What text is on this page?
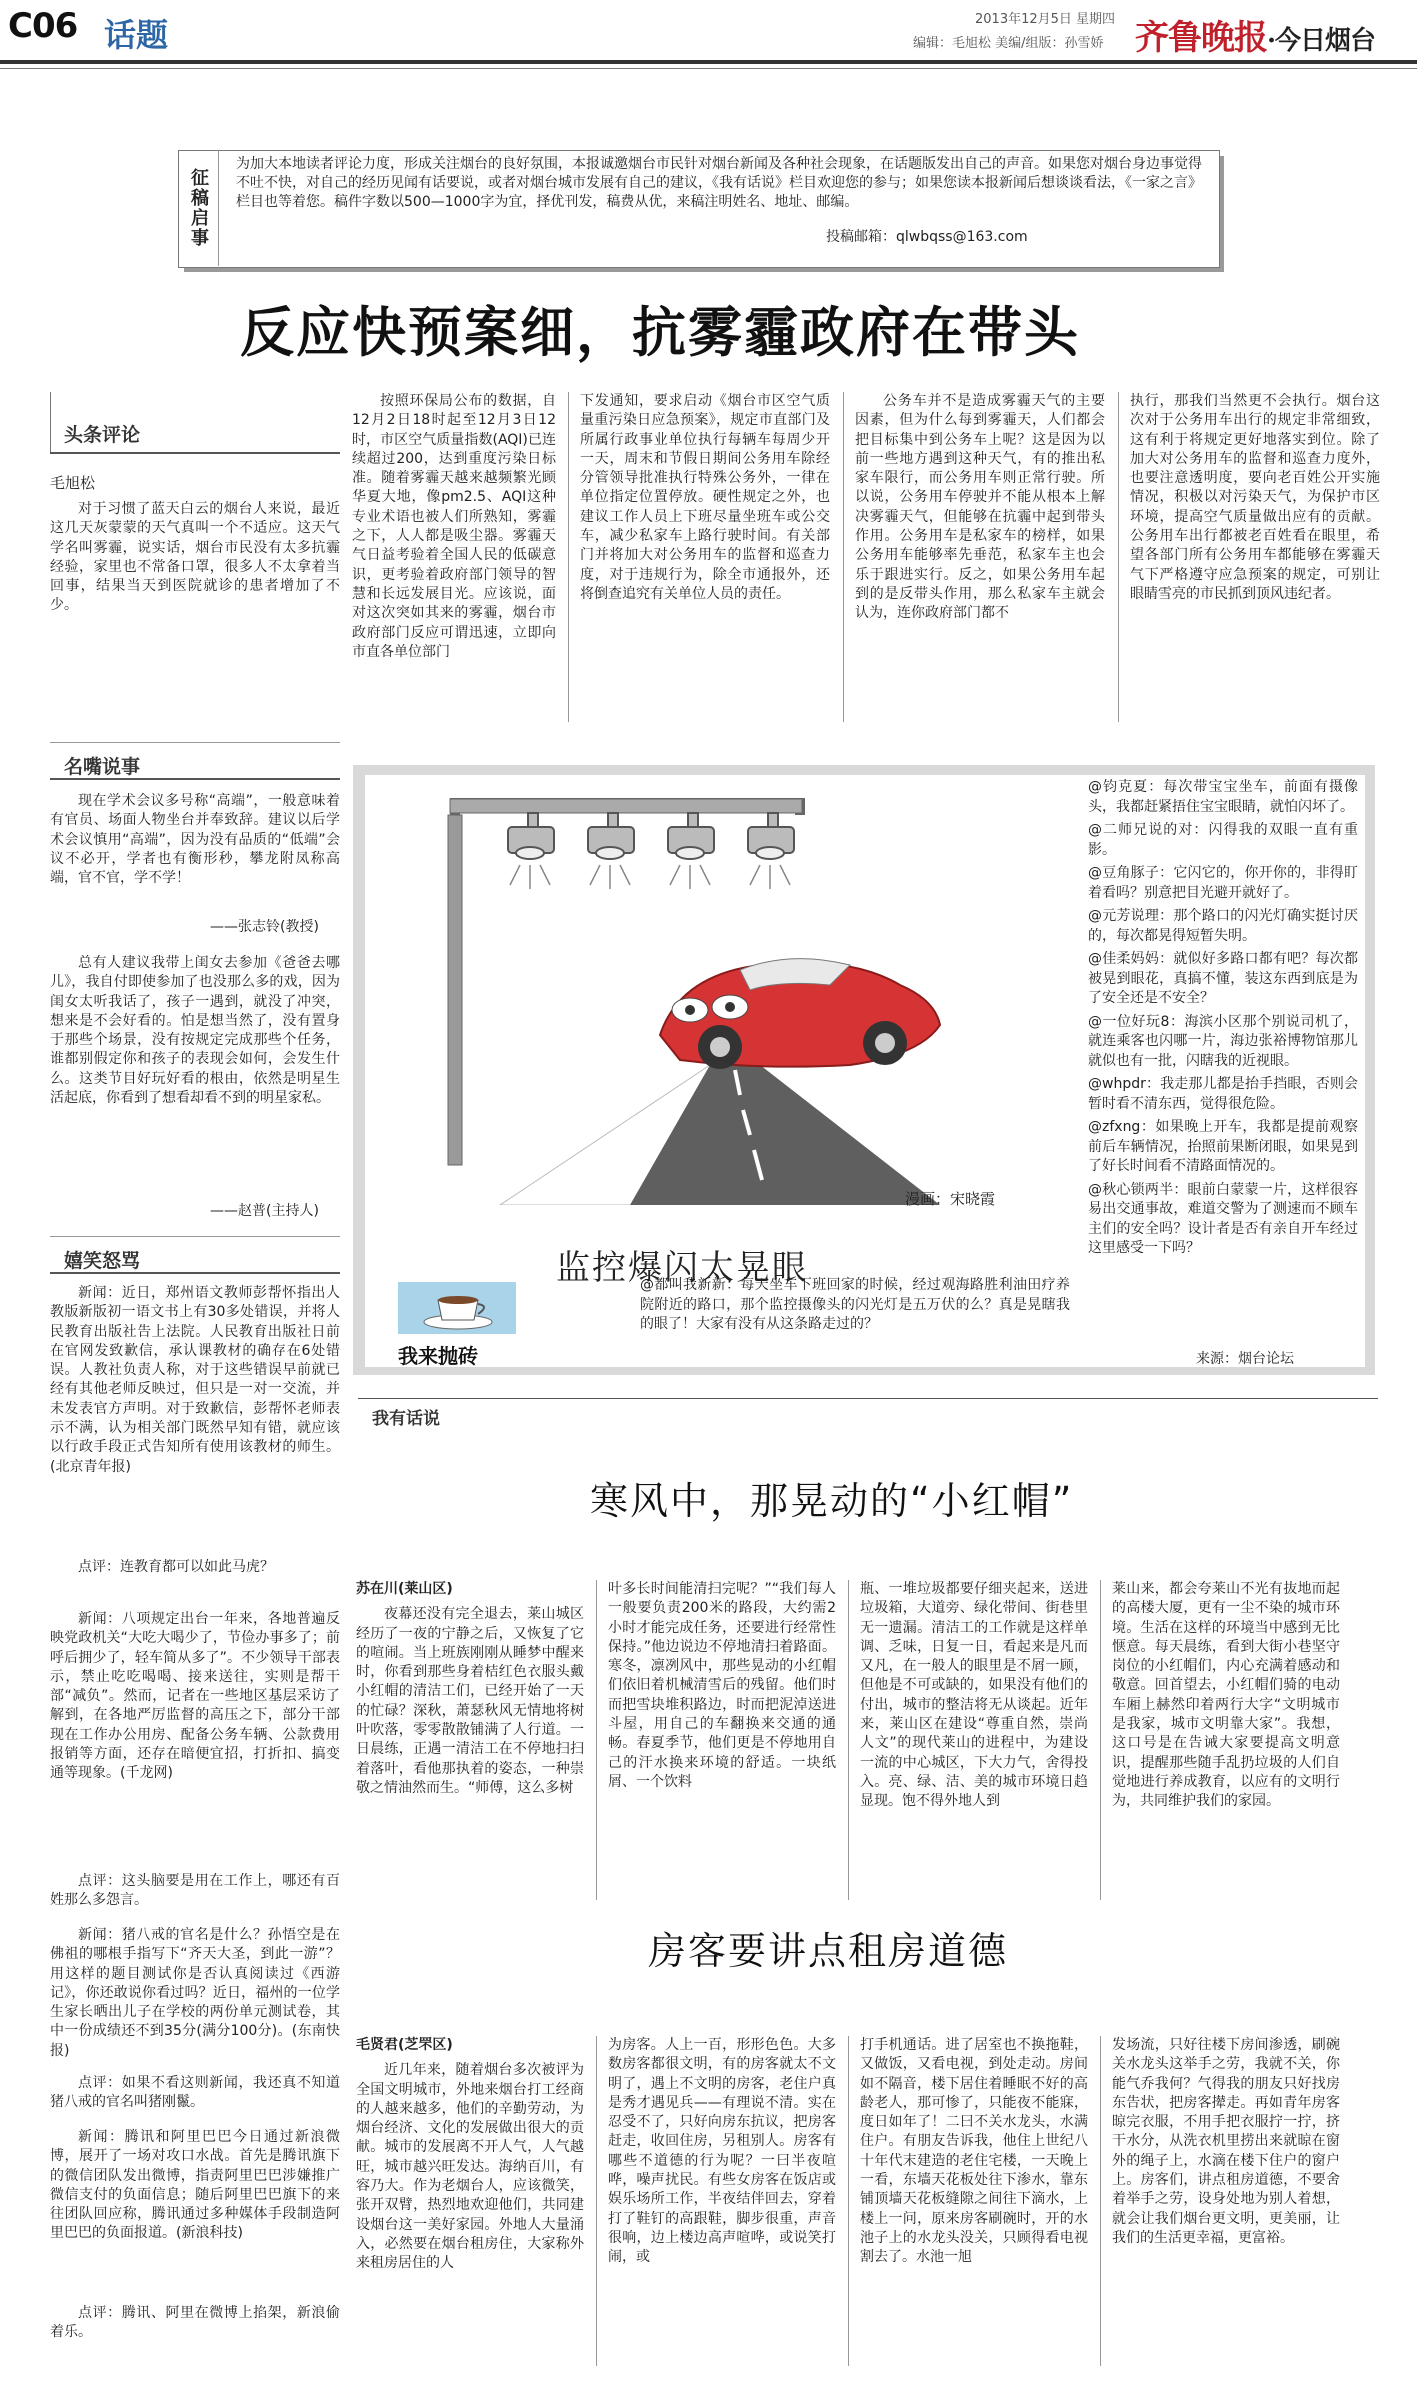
C06 话题	2013年12月5日 星期四
编辑：毛旭松 美编/组版：孙雪娇 齐鲁晚报·今日烟台
征稿启事
为加大本地读者评论力度，形成关注烟台的良好氛围，本报诚邀烟台市民针对烟台新闻及各种社会现象，在话题版发出自己的声音。如果您对烟台身边事觉得不吐不快，对自己的经历见闻有话要说，或者对烟台城市发展有自己的建议，《我有话说》栏目欢迎您的参与；如果您读本报新闻后想谈谈看法，《一家之言》栏目也等着您。稿件字数以500—1000字为宜，择优刊发，稿费从优，来稿注明姓名、地址、邮编。
投稿邮箱：qlwbqss@163.com
反应快预案细，抗雾霾政府在带头
头条评论
毛旭松
对于习惯了蓝天白云的烟台人来说，最近这几天灰蒙蒙的天气真叫一个不适应。这天气学名叫雾霾，说实话，烟台市民没有太多抗霾经验，家里也不常备口罩，很多人不太拿着当回事，结果当天到医院就诊的患者增加了不少。
按照环保局公布的数据，自12月2日18时起至12月3日12时，市区空气质量指数(AQI)已连续超过200，达到重度污染日标准。随着雾霾天越来越频繁光顾华夏大地，像pm2.5、AQI这种专业术语也被人们所熟知，雾霾之下，人人都是吸尘器。雾霾天气日益考验着全国人民的低碳意识，更考验着政府部门领导的智慧和长远发展目光。应该说，面对这次突如其来的雾霾，烟台市政府部门反应可谓迅速，立即向市直各单位部门
下发通知，要求启动《烟台市区空气质量重污染日应急预案》，规定市直部门及所属行政事业单位执行每辆车每周少开一天，周末和节假日期间公务用车除经分管领导批准执行特殊公务外，一律在单位指定位置停放。硬性规定之外，也建议工作人员上下班尽量坐班车或公交车，减少私家车上路行驶时间。有关部门并将加大对公务用车的监督和巡查力度，对于违规行为，除全市通报外，还将倒查追究有关单位人员的责任。
公务车并不是造成雾霾天气的主要因素，但为什么每到雾霾天，人们都会把目标集中到公务车上呢？这是因为以前一些地方遇到这种天气，有的推出私家车限行，而公务用车则正常行驶。所以说，公务用车停驶并不能从根本上解决雾霾天气，但能够在抗霾中起到带头作用。公务用车是私家车的榜样，如果公务用车能够率先垂范，私家车主也会乐于跟进实行。反之，如果公务用车起到的是反带头作用，那么私家车主就会认为，连你政府部门都不
执行，那我们当然更不会执行。烟台这次对于公务用车出行的规定非常细致，这有利于将规定更好地落实到位。除了加大对公务用车的监督和巡查力度外，也要注意透明度，要向老百姓公开实施情况，积极以对污染天气，为保护市区环境，提高空气质量做出应有的贡献。公务用车出行都被老百姓看在眼里，希望各部门所有公务用车都能够在雾霾天气下严格遵守应急预案的规定，可别让眼睛雪亮的市民抓到顶风违纪者。
名嘴说事
现在学术会议多号称“高端”，一般意味着有官员、场面人物坐台并奉致辞。建议以后学术会议慎用“高端”，因为没有品质的“低端”会议不必开，学者也有衡形秒，攀龙附凤称高端，官不官，学不学！
——张志铃(教授)
总有人建议我带上闺女去参加《爸爸去哪儿》，我自付即使参加了也没那么多的戏，因为闺女太听我话了，孩子一遇到，就没了冲突，想来是不会好看的。怕是想当然了，没有置身于那些个场景，没有按规定完成那些个任务，谁都别假定你和孩子的表现会如何，会发生什么。这类节目好玩好看的根由，依然是明星生活起底，你看到了想看却看不到的明星家私。
——赵普(主持人)
嬉笑怒骂
新闻：近日，郑州语文教师彭帮怀指出人教版新版初一语文书上有30多处错误，并将人民教育出版社告上法院。人民教育出版社日前在官网发致歉信，承认课教材的确存在6处错误。人教社负责人称，对于这些错误早前就已经有其他老师反映过，但只是一对一交流，并未发表官方声明。对于致歉信，彭帮怀老师表示不满，认为相关部门既然早知有错，就应该以行政手段正式告知所有使用该教材的师生。(北京青年报)
点评：连教育都可以如此马虎？
新闻：八项规定出台一年来，各地普遍反映党政机关“大吃大喝少了，节俭办事多了；前呼后拥少了，轻车简从多了”。不少领导干部表示，禁止吃吃喝喝、接来送往，实则是帮干部“减负”。然而，记者在一些地区基层采访了解到，在各地严厉监督的高压之下，部分干部现在工作办公用房、配备公务车辆、公款费用报销等方面，还存在暗便宜招，打折扣、搞变通等现象。(千龙网)
点评：这头脑要是用在工作上，哪还有百姓那么多怨言。
新闻：猪八戒的官名是什么？孙悟空是在佛祖的哪根手指写下“齐天大圣，到此一游”？用这样的题目测试你是否认真阅读过《西游记》，你还敢说你看过吗？近日，福州的一位学生家长晒出儿子在学校的两份单元测试卷，其中一份成绩还不到35分(满分100分)。(东南快报)
点评：如果不看这则新闻，我还真不知道猪八戒的官名叫猪刚鬣。
新闻：腾讯和阿里巴巴今日通过新浪微博，展开了一场对攻口水战。首先是腾讯旗下的微信团队发出微博，指责阿里巴巴涉嫌推广微信支付的负面信息；随后阿里巴巴旗下的来往团队回应称，腾讯通过多种媒体手段制造阿里巴巴的负面报道。(新浪科技)
点评：腾讯、阿里在微博上掐架，新浪偷着乐。
漫画：宋晓霞
监控爆闪太晃眼
我来抛砖
@都叫我新新：每天坐车下班回家的时候，经过观海路胜利油田疗养院附近的路口，那个监控摄像头的闪光灯是五万伏的么？真是晃瞎我的眼了！大家有没有从这条路走过的？
@钧克夏：每次带宝宝坐车，前面有摄像头，我都赶紧捂住宝宝眼睛，就怕闪坏了。
@二师兄说的对：闪得我的双眼一直有重影。
@豆角豚子：它闪它的，你开你的，非得盯着看吗？别意把目光避开就好了。
@元芳说理：那个路口的闪光灯确实挺讨厌的，每次都晃得短暂失明。
@佳柔妈妈：就似好多路口都有吧？每次都被晃到眼花，真搞不懂，装这东西到底是为了安全还是不安全？
@一位好玩8：海滨小区那个别说司机了，就连乘客也闪哪一片，海边张裕博物馆那儿就似也有一批，闪瞎我的近视眼。
@whpdr：我走那儿都是抬手挡眼，否则会暂时看不清东西，觉得很危险。
@zfxng：如果晚上开车，我都是提前观察前后车辆情况，抬照前果断闭眼，如果晃到了好长时间看不清路面情况的。
@秋心锁两半：眼前白蒙蒙一片，这样很容易出交通事故，难道交警为了测速而不顾车主们的安全吗？设计者是否有亲自开车经过这里感受一下吗？
来源：烟台论坛
我有话说
寒风中，那晃动的“小红帽”
苏在川(莱山区)
夜幕还没有完全退去，莱山城区经历了一夜的宁静之后，又恢复了它的喧闹。当上班族刚刚从睡梦中醒来时，你看到那些身着桔红色衣服头戴小红帽的清洁工们，已经开始了一天的忙碌？深秋，萧瑟秋风无情地将树叶吹落，零零散散铺满了人行道。一日晨练，正遇一清洁工在不停地扫扫着落叶，看他那执着的姿态，一种崇敬之情油然而生。“师傅，这么多树
叶多长时间能清扫完呢？”“我们每人一般要负责200米的路段，大约需2小时才能完成任务，还要进行经常性保持。”他边说边不停地清扫着路面。寒冬，凛冽风中，那些晃动的小红帽们依旧着机械清雪后的残留。他们时而把雪块堆积路边，时而把泥淖送进斗屋，用自己的车翻换来交通的通畅。春夏季节，他们更是不停地用自己的汗水换来环境的舒适。一块纸屑、一个饮料
瓶、一堆垃圾都要仔细夹起来，送进垃圾箱，大道旁、绿化带间、街巷里无一遗漏。清洁工的工作就是这样单调、乏味，日复一日，看起来是凡而又凡，在一般人的眼里是不屑一顾，但他是不可或缺的，如果没有他们的付出，城市的整洁将无从谈起。近年来，莱山区在建设“尊重自然，崇尚人文”的现代莱山的进程中，为建设一流的中心城区，下大力气，舍得投入。亮、绿、洁、美的城市环境日趋显现。饱不得外地人到
莱山来，都会夸莱山不光有抜地而起的高楼大厦，更有一尘不染的城市环境。生活在这样的环境当中感到无比惬意。每天晨练，看到大街小巷坚守岗位的小红帽们，内心充满着感动和敬意。回首望去，小红帽们骑的电动车厢上赫然印着两行大字“文明城市是我家，城市文明靠大家”。我想，这口号是在告诫大家要提高文明意识，提醒那些随手乱扔垃圾的人们自觉地进行养成教育，以应有的文明行为，共同维护我们的家园。
房客要讲点租房道德
毛贤君(芝罘区)
近几年来，随着烟台多次被评为全国文明城市，外地来烟台打工经商的人越来越多，他们的辛勤劳动，为烟台经济、文化的发展做出很大的贡献。城市的发展离不开人气，人气越旺，城市越兴旺发达。海纳百川，有容乃大。作为老烟台人，应该微笑，张开双臂，热烈地欢迎他们，共同建设烟台这一美好家园。外地人大量涌入，必然要在烟台租房住，大家称外来租房居住的人
为房客。人上一百，形形色色。大多数房客都很文明，有的房客就太不文明了，遇上不文明的房客，老住户真是秀才遇见兵——有理说不清。实在忍受不了，只好向房东抗议，把房客赶走，收回住房，另租别人。房客有哪些不道德的行为呢？一曰半夜喧哗，噪声扰民。有些女房客在饭店或娱乐场所工作，半夜结伴回去，穿着打了鞋钉的高跟鞋，脚步很重，声音很响，边上楼边高声喧哗，或说笑打闹，或
打手机通话。进了居室也不换拖鞋，又做饭，又看电视，到处走动。房间如不隔音，楼下居住着睡眠不好的高龄老人，那可惨了，只能夜不能寐，度日如年了！二曰不关水龙头，水满住户。有朋友告诉我，他住上世纪八十年代末建造的老住宅楼，一天晚上一看，东墙天花板处往下渗水，靠东铺顶墙天花板缝隙之间往下滴水，上楼上一问，原来房客刷碗时，开的水池子上的水龙头没关，只顾得看电视割去了。水池一旭
发场流，只好往楼下房间渗透，刷碗关水龙头这举手之劳，我就不关，你能气乔我何？气得我的朋友只好找房东告状，把房客撵走。再如青年房客晾完衣服，不用手把衣服拧一拧，挤干水分，从洗衣机里捞出来就晾在窗外的绳子上，水滴在楼下住户的窗户上。房客们，讲点租房道德，不要舍着举手之劳，设身处地为别人着想，就会让我们烟台更文明，更美丽，让我们的生活更幸福，更富裕。
